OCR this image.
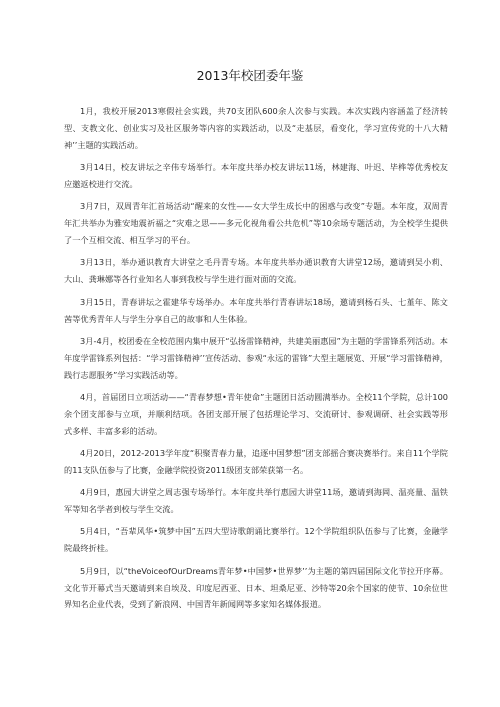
2013年校团委年鉴

1月，我校开展2013寒假社会实践，共70支团队600余人次参与实践。本次实践内容涵盖了经济转型、支教文化、创业实习及社区服务等内容的实践活动，以及“走基层，看变化，学习宣传党的十八大精神’’主题的实践活动。

3月14日，校友讲坛之辛伟专场举行。本年度共举办校友讲坛11场，林建海、叶迟、毕桦等优秀校友应邀返校进行交流。

3月7日，双周青年汇首场活动“醒来的女性——女大学生成长中的困惑与改变”专题。本年度，双周青年汇共举办为雅安地震祈福之“灾难之思——多元化视角看公共危机”等10余场专题活动，为全校学生提供了一个互相交流、相互学习的平台。

3月13日，举办通识教育大讲堂之毛丹青专场。本年度共举办通识教育大讲堂12场，邀请到吴小莉、大山、龚琳娜等各行业知名人事到我校与学生进行面对面的交流。

3月15日，青春讲坛之霍建华专场举办。本年度共举行青春讲坛18场，邀请到杨石头、七堇年、陈文茜等优秀青年人与学生分享自己的故事和人生体验。

3月-4月，校团委在全校范围内集中展开“弘扬雷锋精神，共建美丽惠园”为主题的学雷锋系列活动。本年度学雷锋系列包括：“学习雷锋精神’’宣传活动、参观“永远的雷锋”大型主题展览、开展“学习雷锋精神，践行志愿服务”学习实践活动等。

4月，首届团日立项活动——“青春梦想•青年使命”主题团日活动圆满举办。全校11个学院，总计100余个团支部参与立项，并顺利结项。各团支部开展了包括理论学习、交流研讨、参观调研、社会实践等形式多样、丰富多彩的活动。

4月20日，2012-2013学年度“积聚青春力量，追逐中国梦想”团支部摇合赛决赛举行。来自11个学院的11支队伍参与了比赛，金融学院投资2011级团支部荣获第一名。

4月9日，惠园大讲堂之周志强专场举行。本年度共举行惠园大讲堂11场，邀请到海岡、温亮量、温铁军等知名学者到校与学生交流。

5月4日，“吾辈风华•筑梦中国”五四大型诗歌朗诵比赛举行。12个学院组织队伍参与了比赛，金融学院最终折桂。

5月9日，以“theVoiceofOurDreams青年梦•中国梦•世界梦’’为主题的第四届国际文化节拉开序幕。文化节开幕式当天邀请到来自埃及、印度尼西亚、日本、坦桑尼亚、沙特等20余个国家的使节、10余位世界知名企业代表，受到了新浪网、中国青年新闻网等多家知名媒体报道。
